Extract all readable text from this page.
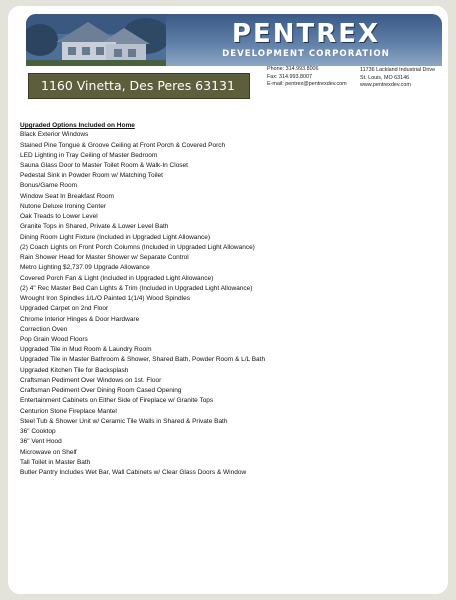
PENTREX
DEVELOPMENT CORPORATION
1160 Vinetta, Des Peres 63131
Phone: 314.993.8006
Fax: 314.993.8007
E-mail: pentrex@pentrexdev.com
11736 Lackland Industrial Drive
St. Louis, MO 63146
www.pentrexdev.com
Upgraded Options Included on Home
Black Exterior Windows
Stained Pine Tongue & Groove Ceiling at Front Porch & Covered Porch
LED Lighting in Tray Ceiling of Master Bedroom
Sauna Glass Door to Master Toilet Room & Walk-In Closet
Pedestal Sink in Powder Room w/ Matching Toilet
Bonus/Game Room
Window Seat In Breakfast Room
Nutone Deluxe Ironing Center
Oak Treads to Lower Level
Granite Tops in Shared, Private & Lower Level Bath
Dining Room Light Fixture (Included in Upgraded Light Allowance)
(2) Coach Lights on Front Porch Columns (Included in Upgraded Light Allowance)
Rain Shower Head for Master Shower w/ Separate Control
Metro Lighting $2,737.09 Upgrade Allowance
Covered Porch Fan & Light (Included in Upgraded Light Allowance)
(2) 4" Rec Master Bed Can Lights & Trim (Included in Upgraded Light Allowance)
Wrought Iron Spindles 1/L/O Painted 1(1/4) Wood Spindles
Upgraded Carpet on 2nd Floor
Chrome Interior Hinges & Door Hardware
Correction Oven
Pop Grain Wood Floors
Upgraded Tile in Mud Room & Laundry Room
Upgraded Tile in Master Bathroom & Shower, Shared Bath, Powder Room & L/L Bath
Upgraded Kitchen Tile for Backsplash
Craftsman Pediment Over Windows on 1st. Floor
Craftsman Pediment Over Dining Room Cased Opening
Entertainment Cabinets on Either Side of Fireplace w/ Granite Tops
Centurion Stone Fireplace Mantel
Steel Tub & Shower Unit w/ Ceramic Tile Walls in Shared & Private Bath
36" Cooktop
36" Vent Hood
Microwave on Shelf
Tall Toilet in Master Bath
Butler Pantry Includes Wet Bar, Wall Cabinets w/ Clear Glass Doors & Window
